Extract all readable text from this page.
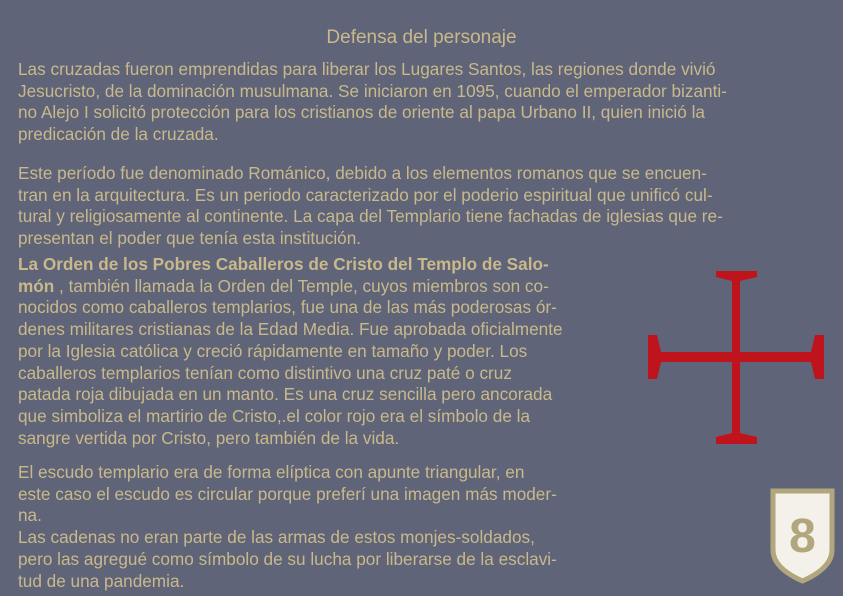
Defensa del personaje

Las cruzadas fueron emprendidas para liberar los Lugares Santos, las regiones donde vivió
Jesucristo, de la dominación musulmana. Se iniciaron en 1095, cuando el emperador bizanti-
no Alejo I solicitó protección para los cristianos de oriente al papa Urbano II, quien inició la
predicación de la cruzada.

Este período fue denominado Románico, debido a los elementos romanos que se encuen-
tran en la arquitectura. Es un periodo caracterizado por el poderio espiritual que unificó cul-
tural y religiosamente al continente. La capa del Templario tiene fachadas de iglesias que re-
presentan el poder que tenía esta institución.

La Orden de los Pobres Caballeros de Cristo del Templo de Salo-
món , también llamada la Orden del Temple, cuyos miembros son co-
nocidos como caballeros templarios, fue una de las más poderosas ór-
denes militares cristianas de la Edad Media. Fue aprobada oficialmente
por la Iglesia católica y creció rápidamente en tamaño y poder. Los
caballeros templarios tenían como distintivo una cruz paté o cruz
patada roja dibujada en un manto. Es una cruz sencilla pero ancorada
que simboliza el martirio de Cristo,.el color rojo era el símbolo de la
sangre vertida por Cristo, pero también de la vida.

El escudo templario era de forma elíptica con apunte triangular, en
este caso el escudo es circular porque preferí una imagen más moder-
na.
Las cadenas no eran parte de las armas de estos monjes-soldados,
pero las agregué como símbolo de su lucha por liberarse de la esclavi-
tud de una pandemia.

8
